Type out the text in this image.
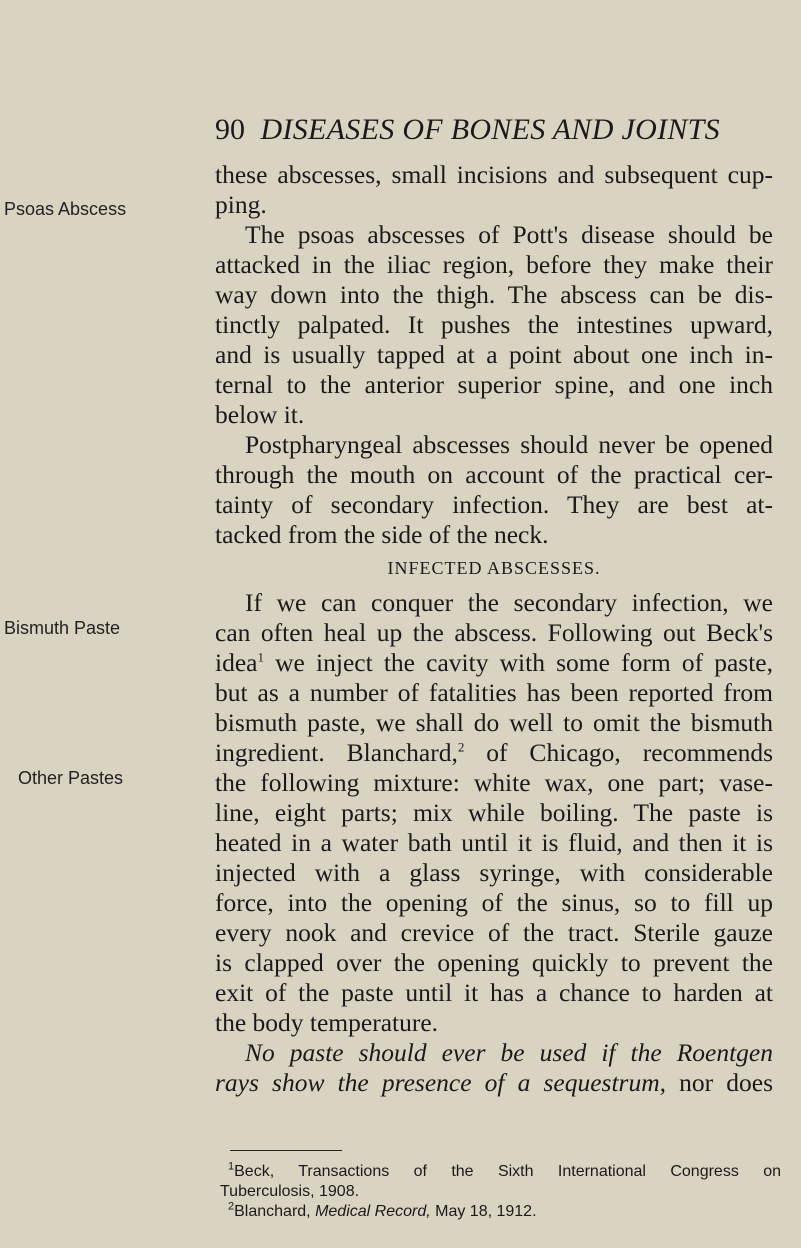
90 DISEASES OF BONES AND JOINTS
Psoas Abscess
Bismuth Paste
Other Pastes
these abscesses, small incisions and subsequent cup-
ping.
The psoas abscesses of Pott's disease should be
attacked in the iliac region, before they make their
way down into the thigh. The abscess can be dis-
tinctly palpated. It pushes the intestines upward,
and is usually tapped at a point about one inch in-
ternal to the anterior superior spine, and one inch
below it.
Postpharyngeal abscesses should never be opened
through the mouth on account of the practical cer-
tainty of secondary infection. They are best at-
tacked from the side of the neck.
INFECTED ABSCESSES.
If we can conquer the secondary infection, we
can often heal up the abscess. Following out Beck's
idea$^1$ we inject the cavity with some form of paste,
but as a number of fatalities has been reported from
bismuth paste, we shall do well to omit the bismuth
ingredient. Blanchard,$^2$ of Chicago, recommends
the following mixture: white wax, one part; vase-
line, eight parts; mix while boiling. The paste is
heated in a water bath until it is fluid, and then it is
injected with a glass syringe, with considerable
force, into the opening of the sinus, so to fill up
every nook and crevice of the tract. Sterile gauze
is clapped over the opening quickly to prevent the
exit of the paste until it has a chance to harden at
the body temperature.
No paste should ever be used if the Roentgen
rays show the presence of a sequestrum, nor does
$^1$Beck, Transactions of the Sixth International Congress on
Tuberculosis, 1908.
$^2$Blanchard, Medical Record, May 18, 1912.
